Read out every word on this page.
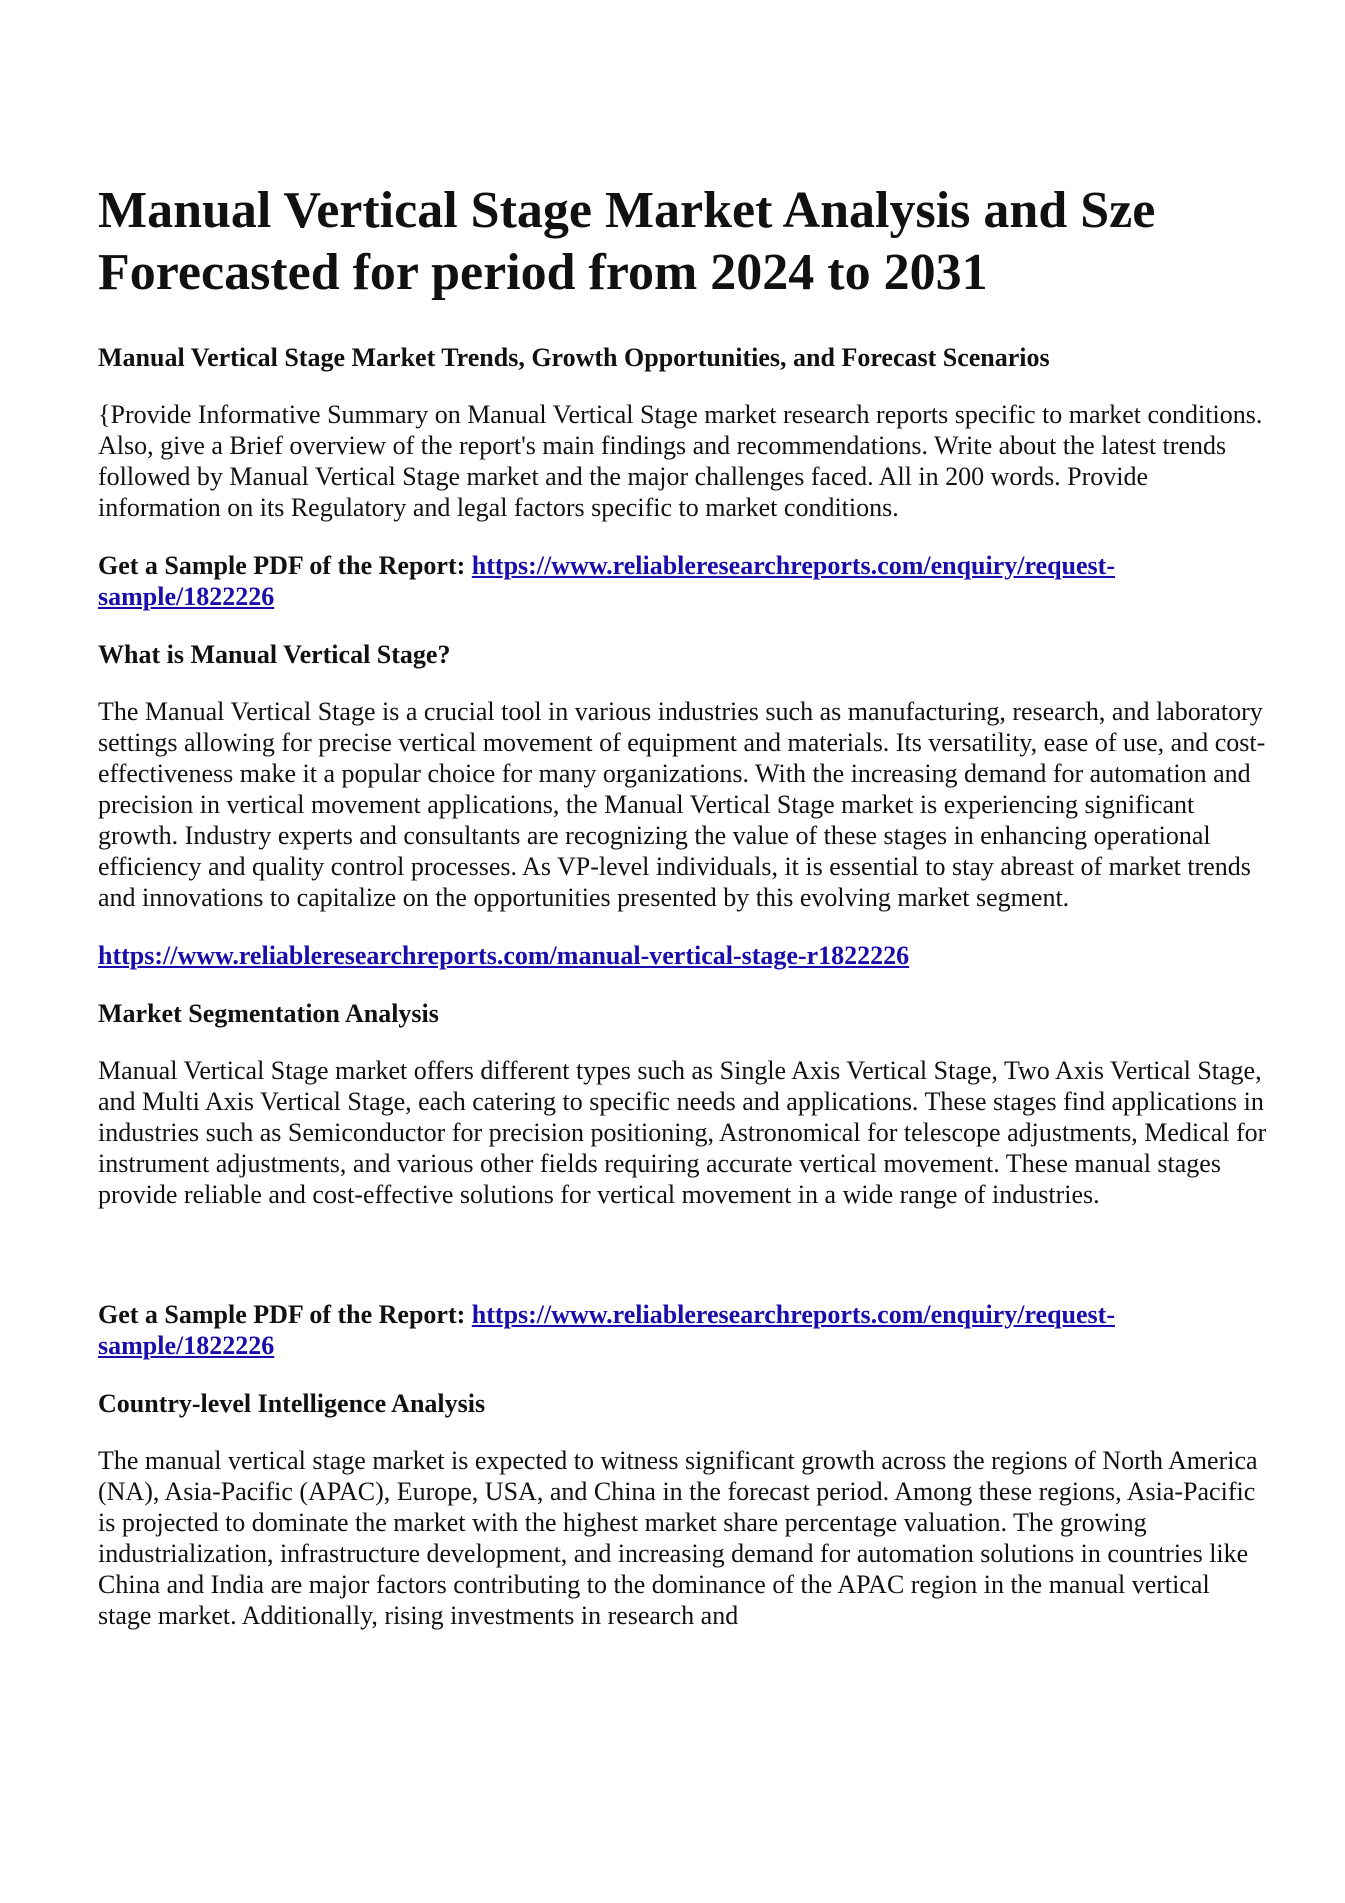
Manual Vertical Stage Market Analysis and Sze Forecasted for period from 2024 to 2031
Manual Vertical Stage Market Trends, Growth Opportunities, and Forecast Scenarios

{Provide Informative Summary on Manual Vertical Stage market research reports specific to market conditions. Also, give a Brief overview of the report's main findings and recommendations. Write about the latest trends followed by Manual Vertical Stage market and the major challenges faced. All in 200 words. Provide information on its Regulatory and legal factors specific to market conditions.

Get a Sample PDF of the Report: https://www.reliableresearchreports.com/enquiry/request-sample/1822226

What is Manual Vertical Stage?

The Manual Vertical Stage is a crucial tool in various industries such as manufacturing, research, and laboratory settings allowing for precise vertical movement of equipment and materials. Its versatility, ease of use, and cost-effectiveness make it a popular choice for many organizations. With the increasing demand for automation and precision in vertical movement applications, the Manual Vertical Stage market is experiencing significant growth. Industry experts and consultants are recognizing the value of these stages in enhancing operational efficiency and quality control processes. As VP-level individuals, it is essential to stay abreast of market trends and innovations to capitalize on the opportunities presented by this evolving market segment.

https://www.reliableresearchreports.com/manual-vertical-stage-r1822226

Market Segmentation Analysis

Manual Vertical Stage market offers different types such as Single Axis Vertical Stage, Two Axis Vertical Stage, and Multi Axis Vertical Stage, each catering to specific needs and applications. These stages find applications in industries such as Semiconductor for precision positioning, Astronomical for telescope adjustments, Medical for instrument adjustments, and various other fields requiring accurate vertical movement. These manual stages provide reliable and cost-effective solutions for vertical movement in a wide range of industries.

Get a Sample PDF of the Report: https://www.reliableresearchreports.com/enquiry/request-sample/1822226

Country-level Intelligence Analysis

The manual vertical stage market is expected to witness significant growth across the regions of North America (NA), Asia-Pacific (APAC), Europe, USA, and China in the forecast period. Among these regions, Asia-Pacific is projected to dominate the market with the highest market share percentage valuation. The growing industrialization, infrastructure development, and increasing demand for automation solutions in countries like China and India are major factors contributing to the dominance of the APAC region in the manual vertical stage market. Additionally, rising investments in research and
